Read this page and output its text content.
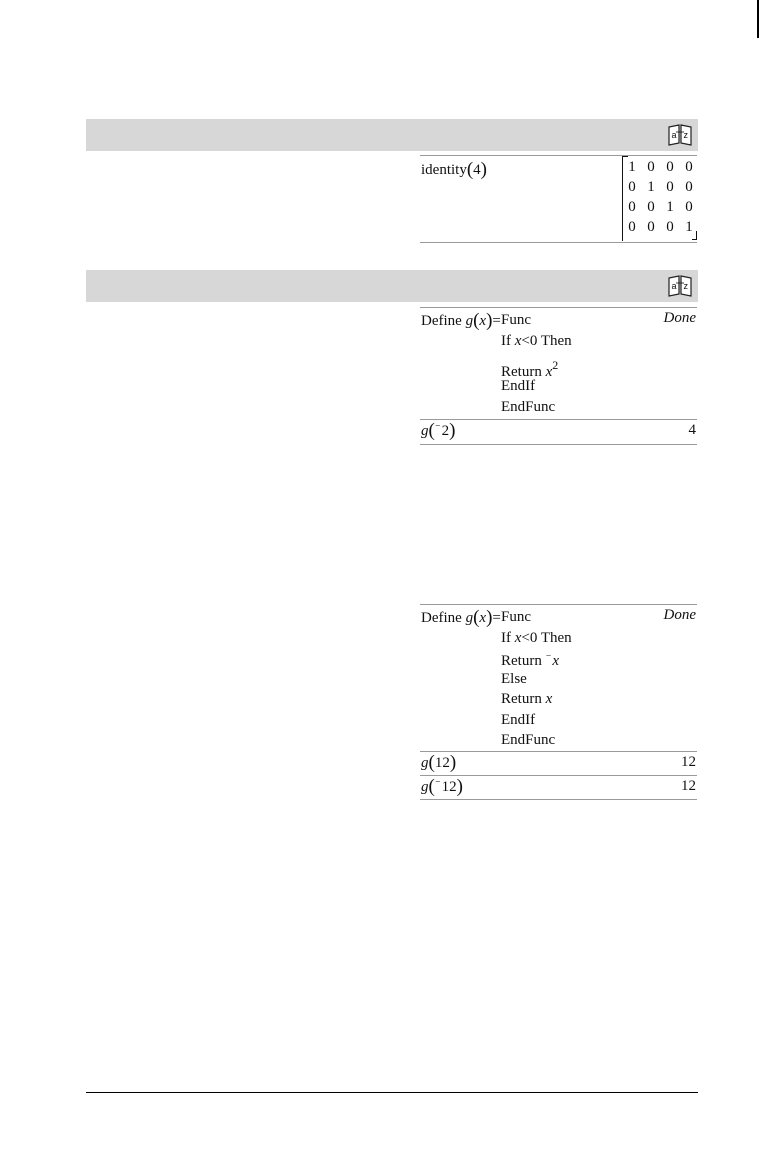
a z
identity(4)	1 0 0 0
0 1 0 0
0 0 1 0
0 0 0 1
a z
Define g(x)= Func
If x<0 Then
Return $x^2$
EndIf
EndFunc
Done
g(⁻2)	4
Define g(x)= Func
If x<0 Then
Return ⁻x
Else
Return x
EndIf
EndFunc
Done
g(12)	12
g(⁻12)	12
